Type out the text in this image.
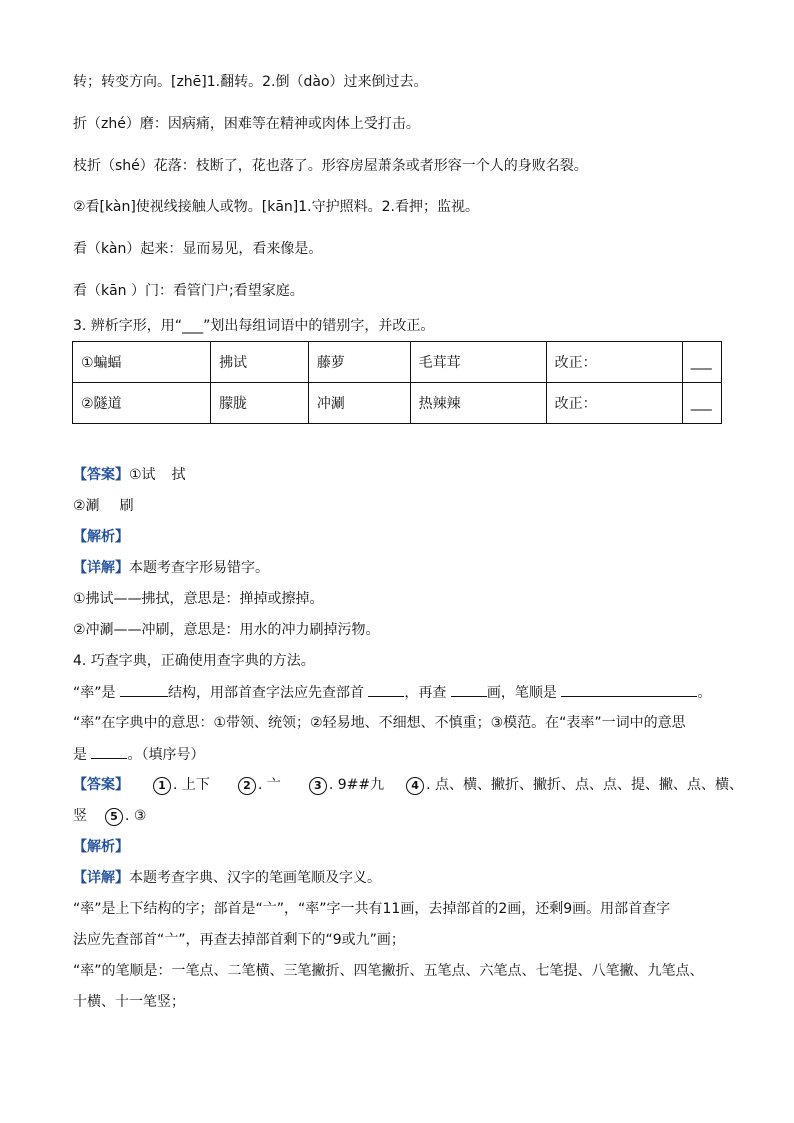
转；转变方向。[zhē]1.翻转。2.倒（dào）过来倒过去。
折（zhé）磨：因病痛，困难等在精神或肉体上受打击。
枝折（shé）花落：枝断了，花也落了。形容房屋萧条或者形容一个人的身败名裂。
②看[kàn]使视线接触人或物。[kān]1.守护照料。2.看押；监视。
看（kàn）起来：显而易见，看来像是。
看（kān ）门：看管门户;看望家庭。
3. 辨析字形，用“___”划出每组词语中的错别字，并改正。
①蝙蝠	拂试	藤萝	毛茸茸	改正：	___
②隧道	朦胧	冲涮	热辣辣	改正：	___
【答案】①试 拭
②涮 刷
【解析】
【详解】本题考查字形易错字。
①拂试——拂拭，意思是：掸掉或擦掉。
②冲涮——冲刷，意思是：用水的冲力刷掉污物。
4. 巧查字典，正确使用查字典的方法。
“率”是	结构，用部首查字法应先查部首	，再查	画，笔顺是	。
“率”在字典中的意思：①带领、统领；②轻易地、不细想、不慎重；③模范。在“表率”一词中的意思
是	。（填序号）
【答案】	1 . 上下	2 . 亠	3 . 9##九 4 . 点、横、撇折、撇折、点、点、提、撇、点、横、
竖 5 . ③
【解析】
【详解】本题考查字典、汉字的笔画笔顺及字义。
“率”是上下结构的字；部首是“亠”，“率”字一共有11画，去掉部首的2画，还剩9画。用部首查字
法应先查部首“亠”，再查去掉部首剩下的“9或九”画；
“率”的笔顺是：一笔点、二笔横、三笔撇折、四笔撇折、五笔点、六笔点、七笔提、八笔撇、九笔点、
十横、十一笔竖；
